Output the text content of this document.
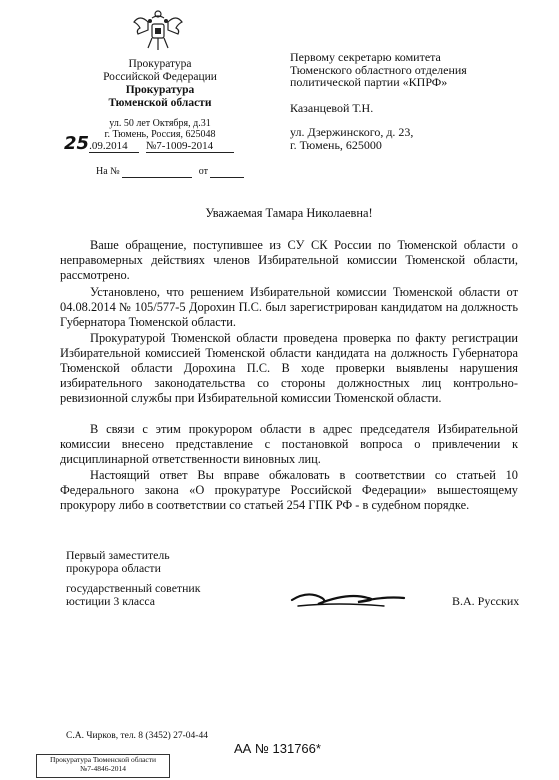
Прокуратура
Российской Федерации
Прокуратура
Тюменской области
ул. 50 лет Октября, д.31
г. Тюмень, Россия, 625048
25.09.2014 №7-1009-2014
На №	от
Первому секретарю комитета
Тюменского областного отделения
политической партии «КПРФ»
Казанцевой Т.Н.
ул. Дзержинского, д. 23,
г. Тюмень, 625000
Уважаемая Тамара Николаевна!
Ваше обращение, поступившее из СУ СК России по Тюменской области о неправомерных действиях членов Избирательной комиссии Тюменской области, рассмотрено.
Установлено, что решением Избирательной комиссии Тюменской области от 04.08.2014 № 105/577-5 Дорохин П.С. был зарегистрирован кандидатом на должность Губернатора Тюменской области.
Прокуратурой Тюменской области проведена проверка по факту регистрации Избирательной комиссией Тюменской области кандидата на должность Губернатора Тюменской области Дорохина П.С. В ходе проверки выявлены нарушения избирательного законодательства со стороны должностных лиц контрольно-ревизионной службы при Избирательной комиссии Тюменской области.
В связи с этим прокурором области в адрес председателя Избирательной комиссии внесено представление с постановкой вопроса о привлечении к дисциплинарной ответственности виновных лиц.
Настоящий ответ Вы вправе обжаловать в соответствии со статьей 10 Федерального закона «О прокуратуре Российской Федерации» вышестоящему прокурору либо в соответствии со статьей 254 ГПК РФ - в судебном порядке.
Первый заместитель
прокурора области
государственный советник
юстиции 3 класса	В.А. Русских
С.А. Чирков, тел. 8 (3452) 27-04-44
АА № 131766*
Прокуратура Тюменской области
№7-4846-2014
